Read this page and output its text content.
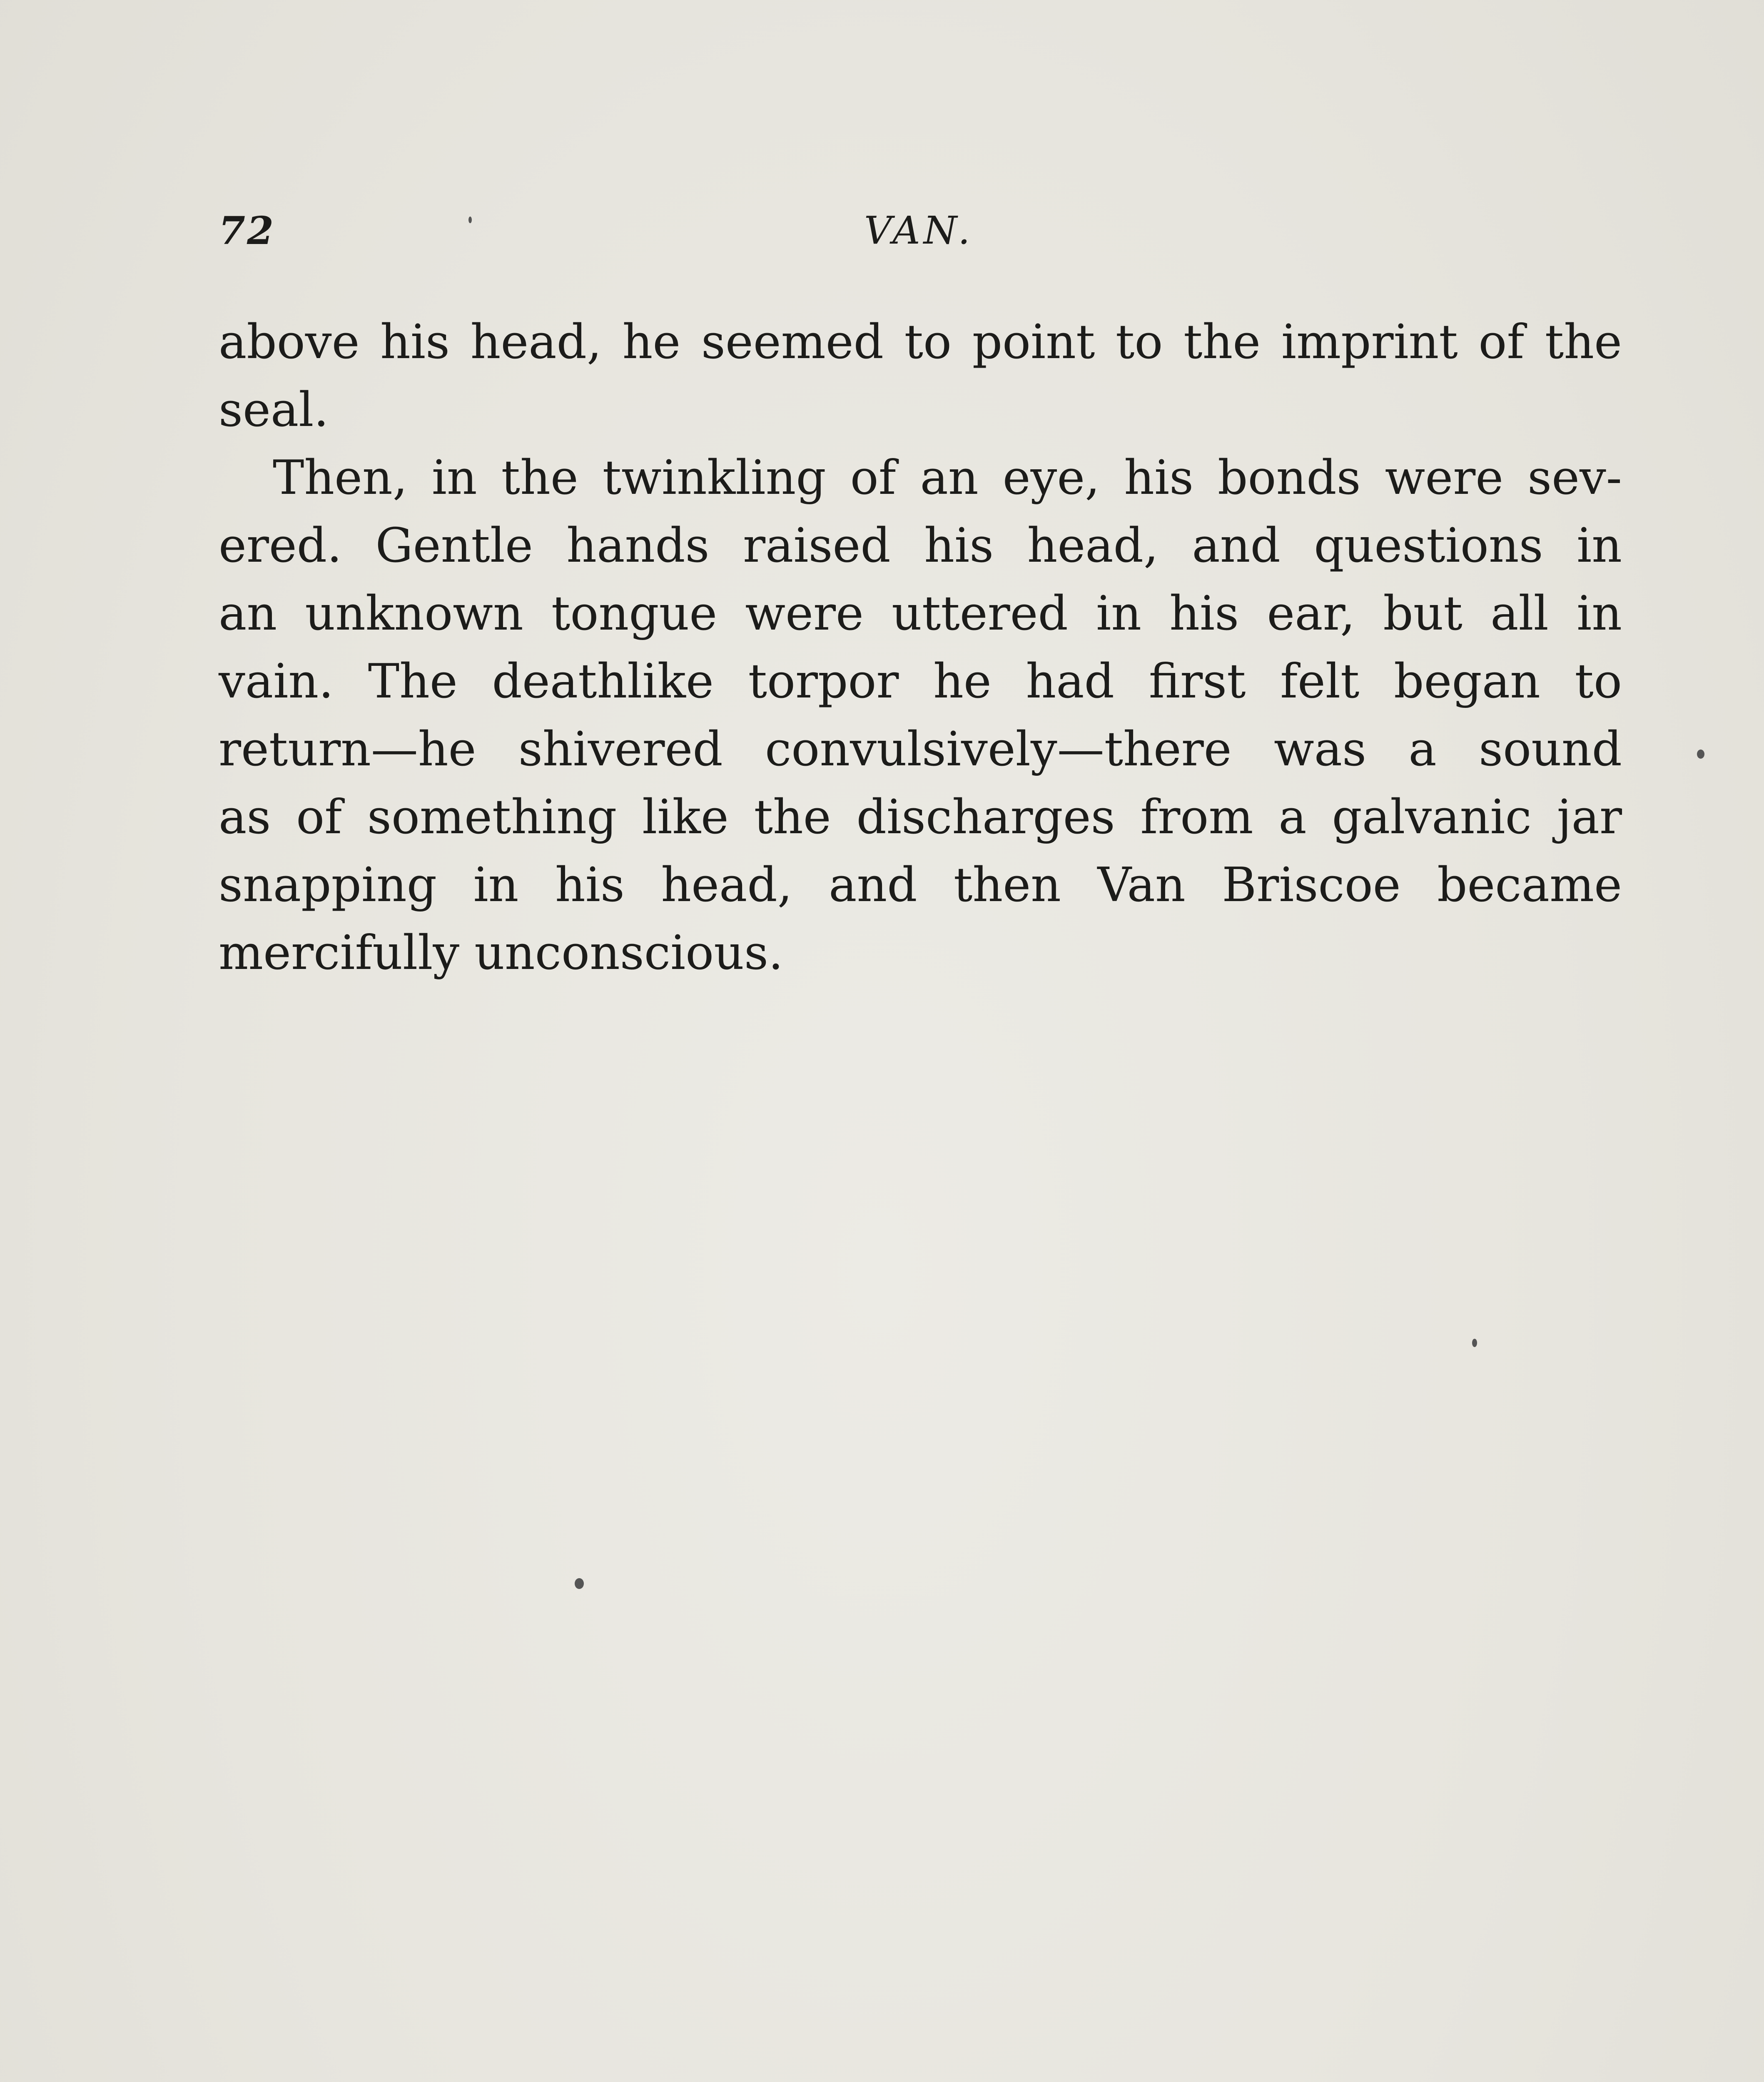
72	VAN.
above his head, he seemed to point to the imprint of the
seal.
Then, in the twinkling of an eye, his bonds were sev-
ered. Gentle hands raised his head, and questions in
an unknown tongue were uttered in his ear, but all in
vain. The deathlike torpor he had first felt began to
return—he shivered convulsively—there was a sound
as of something like the discharges from a galvanic jar
snapping in his head, and then Van Briscoe became
mercifully unconscious.
